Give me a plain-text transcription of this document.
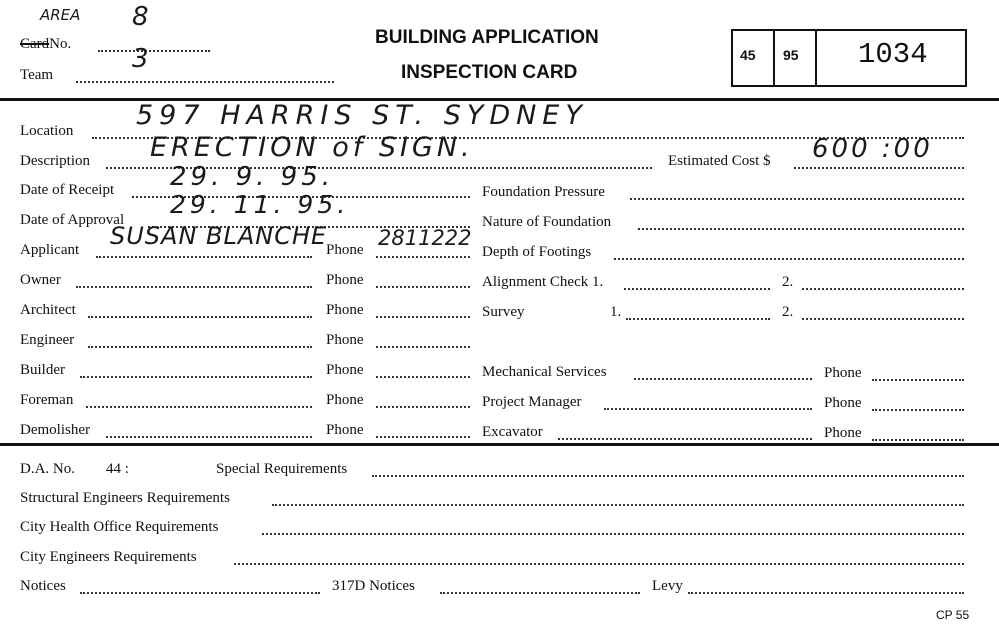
AREA 8
CardNo.
Team
3
BUILDING APPLICATION
INSPECTION CARD
45 95 1034
Location 597 HARRIS ST. SYDNEY
Description ERECTION of SIGN.	Estimated Cost $ 600 :00
Date of Receipt 29. 9. 95.
Date of Approval
29. 11. 95.
Applicant SUSAN BLANCHE
Phone 2811222
Owner	Phone
Architect	Phone
Engineer	Phone
Builder	Phone
Foreman	Phone
Demolisher	Phone
Foundation Pressure
Nature of Foundation
Depth of Footings
Alignment Check 1.	2.
Survey	1.	2.
Mechanical Services	Phone
Project Manager	Phone
Excavator	Phone
D.A. No. 44 :	Special Requirements
Structural Engineers Requirements
City Health Office Requirements
City Engineers Requirements
Notices	317D Notices	Levy
CP 55
